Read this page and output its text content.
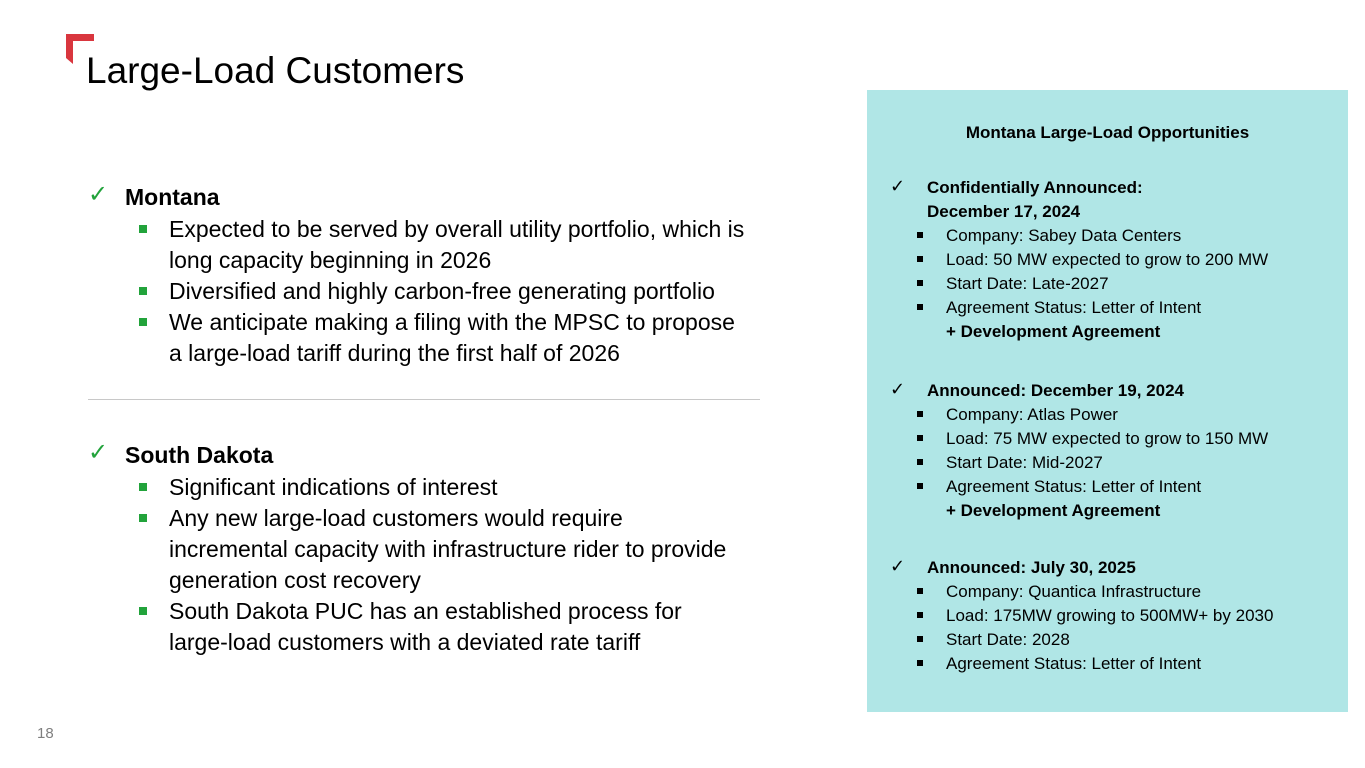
Large-Load Customers
✓ Montana
Expected to be served by overall utility portfolio, which is
long capacity beginning in 2026
Diversified and highly carbon-free generating portfolio
We anticipate making a filing with the MPSC to propose
a large-load tariff during the first half of 2026
✓ South Dakota
Significant indications of interest
Any new large-load customers would require
incremental capacity with infrastructure rider to provide
generation cost recovery
South Dakota PUC has an established process for
large-load customers with a deviated rate tariff
18
Montana Large-Load Opportunities
✓	Confidentially Announced:
December 17, 2024
Company: Sabey Data Centers
Load: 50 MW expected to grow to 200 MW
Start Date: Late-2027
Agreement Status: Letter of Intent
+ Development Agreement
✓	Announced: December 19, 2024
Company: Atlas Power
Load: 75 MW expected to grow to 150 MW
Start Date: Mid-2027
Agreement Status: Letter of Intent
+ Development Agreement
✓	Announced: July 30, 2025
Company: Quantica Infrastructure
Load: 175MW growing to 500MW+ by 2030
Start Date: 2028
Agreement Status: Letter of Intent
